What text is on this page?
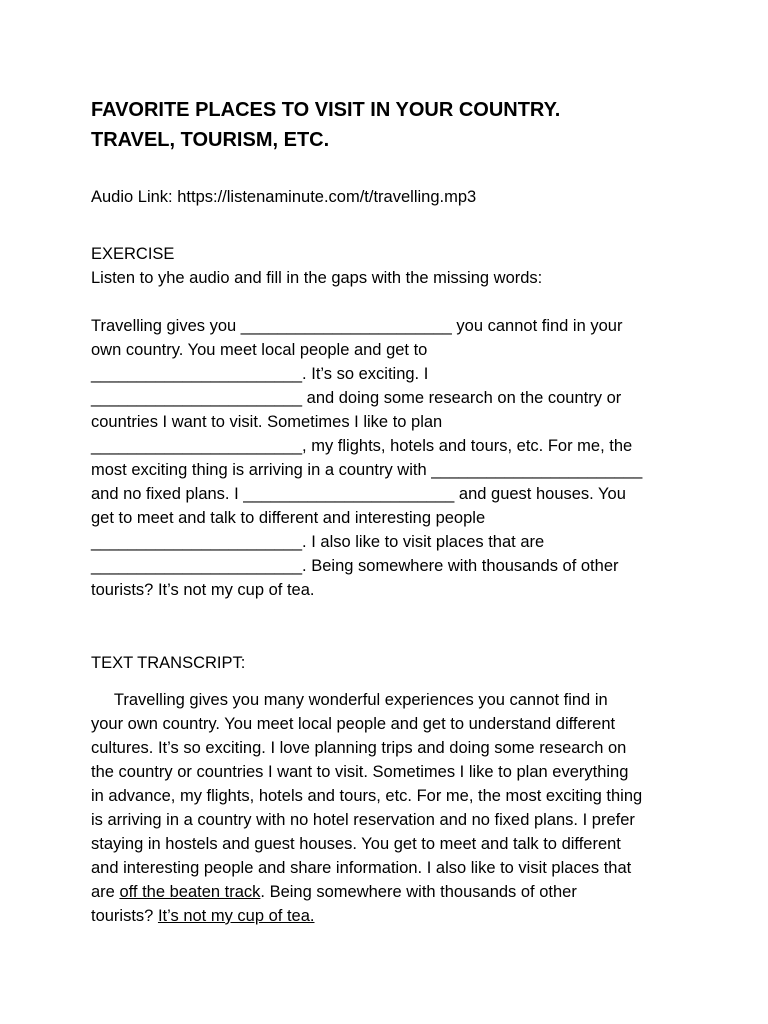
FAVORITE PLACES TO VISIT IN YOUR COUNTRY.
TRAVEL, TOURISM, ETC.
Audio Link: https://listenaminute.com/t/travelling.mp3
EXERCISE
Listen to yhe audio and fill in the gaps with the missing words:
Travelling gives you _______________________ you cannot find in your
own country. You meet local people and get to
_______________________. It’s so exciting. I
_______________________ and doing some research on the country or
countries I want to visit. Sometimes I like to plan
_______________________, my flights, hotels and tours, etc. For me, the
most exciting thing is arriving in a country with _______________________
and no fixed plans. I _______________________ and guest houses. You
get to meet and talk to different and interesting people
_______________________. I also like to visit places that are
_______________________. Being somewhere with thousands of other
tourists? It’s not my cup of tea.
TEXT TRANSCRIPT:
Travelling gives you many wonderful experiences you cannot find in
your own country. You meet local people and get to understand different
cultures. It’s so exciting. I love planning trips and doing some research on
the country or countries I want to visit. Sometimes I like to plan everything
in advance, my flights, hotels and tours, etc. For me, the most exciting thing
is arriving in a country with no hotel reservation and no fixed plans. I prefer
staying in hostels and guest houses. You get to meet and talk to different
and interesting people and share information. I also like to visit places that
are off the beaten track. Being somewhere with thousands of other
tourists? It’s not my cup of tea.
